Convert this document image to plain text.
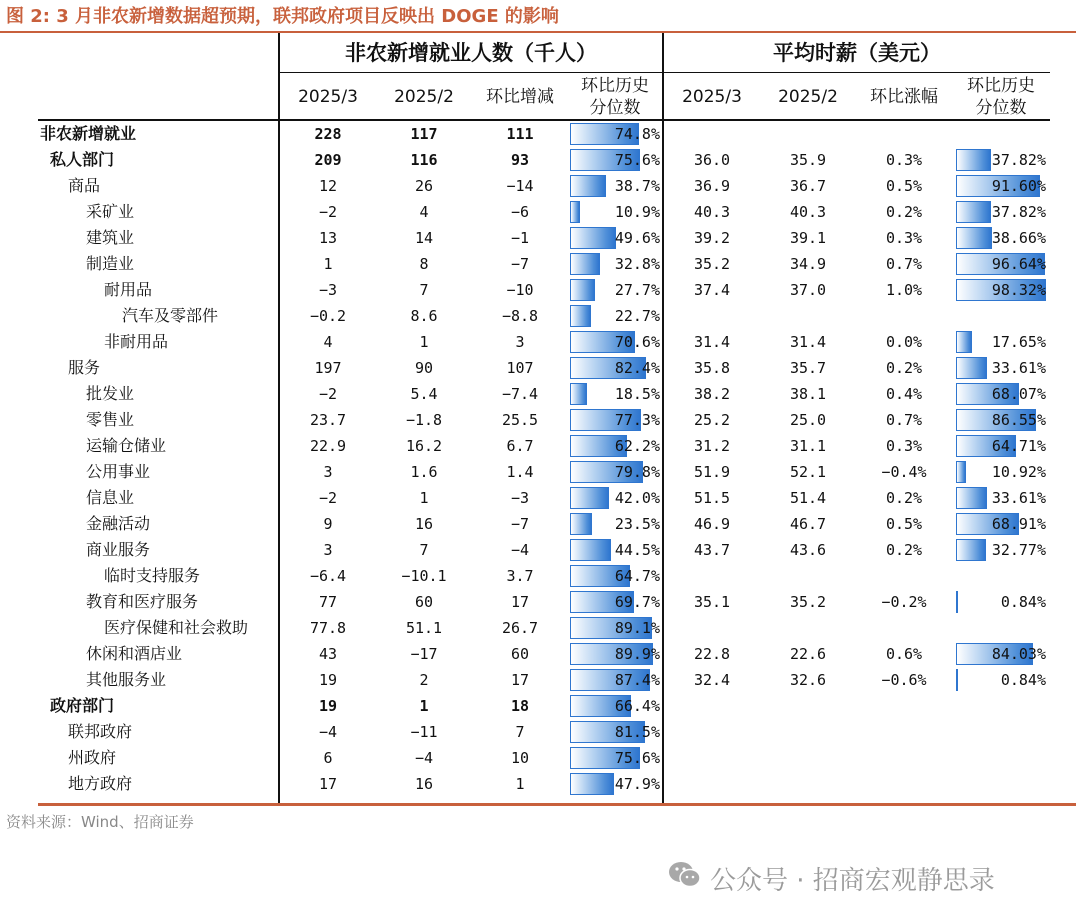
图 2: 3 月非农新增数据超预期，联邦政府项目反映出 DOGE 的影响
非农新增就业人数（千人）	平均时薪（美元）
2025/3	2025/2	环比增减
环比历史
分位数
2025/3	2025/2	环比涨幅
环比历史
分位数
非农新增就业	228	117	111	74.8%
私人部门	209	116	93	75.6%	36.0	35.9	0.3%	37.82%
商品	12	26	−14	38.7%	36.9	36.7	0.5%	91.60%
采矿业	−2	4	−6	10.9%	40.3	40.3	0.2%	37.82%
建筑业	13	14	−1	49.6%	39.2	39.1	0.3%	38.66%
制造业	1	8	−7	32.8%	35.2	34.9	0.7%	96.64%
耐用品	−3	7	−10	27.7%	37.4	37.0	1.0%	98.32%
汽车及零部件	−0.2	8.6	−8.8	22.7%
非耐用品	4	1	3	70.6%	31.4	31.4	0.0%	17.65%
服务	197	90	107	82.4%	35.8	35.7	0.2%	33.61%
批发业	−2	5.4	−7.4	18.5%	38.2	38.1	0.4%	68.07%
零售业	23.7	−1.8	25.5	77.3%	25.2	25.0	0.7%	86.55%
运输仓储业	22.9	16.2	6.7	62.2%	31.2	31.1	0.3%	64.71%
公用事业	3	1.6	1.4	79.8%	51.9	52.1	−0.4%	10.92%
信息业	−2	1	−3	42.0%	51.5	51.4	0.2%	33.61%
金融活动	9	16	−7	23.5%	46.9	46.7	0.5%	68.91%
商业服务	3	7	−4	44.5%	43.7	43.6	0.2%	32.77%
临时支持服务	−6.4	−10.1	3.7	64.7%
教育和医疗服务	77	60	17	69.7%	35.1	35.2	−0.2%	0.84%
医疗保健和社会救助	77.8	51.1	26.7	89.1%
休闲和酒店业	43	−17	60	89.9%	22.8	22.6	0.6%	84.03%
其他服务业	19	2	17	87.4%	32.4	32.6	−0.6%	0.84%
政府部门	19	1	18	66.4%
联邦政府	−4	−11	7	81.5%
州政府	6	−4	10	75.6%
地方政府	17	16	1	47.9%
资料来源：Wind、招商证券
公众号 · 招商宏观静思录
